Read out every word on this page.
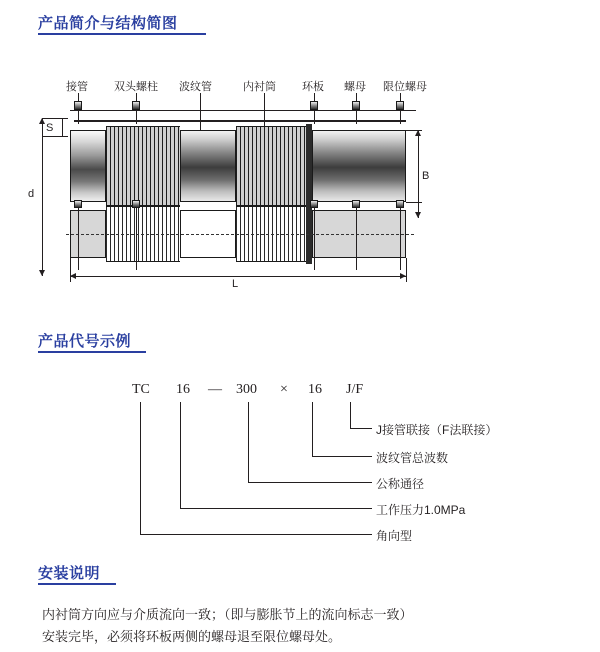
产品简介与结构简图
接管 双头螺柱 波纹管	内衬筒 环板 螺母 限位螺母
S
d
B
L
产品代号示例
TC 16 — 300 × 16 J/F
J接管联接（F法联接）
波纹管总波数
公称通径
工作压力1.0MPa
角向型
安装说明
内衬筒方向应与介质流向一致；（即与膨胀节上的流向标志一致）
安装完毕，必须将环板两侧的螺母退至限位螺母处。
